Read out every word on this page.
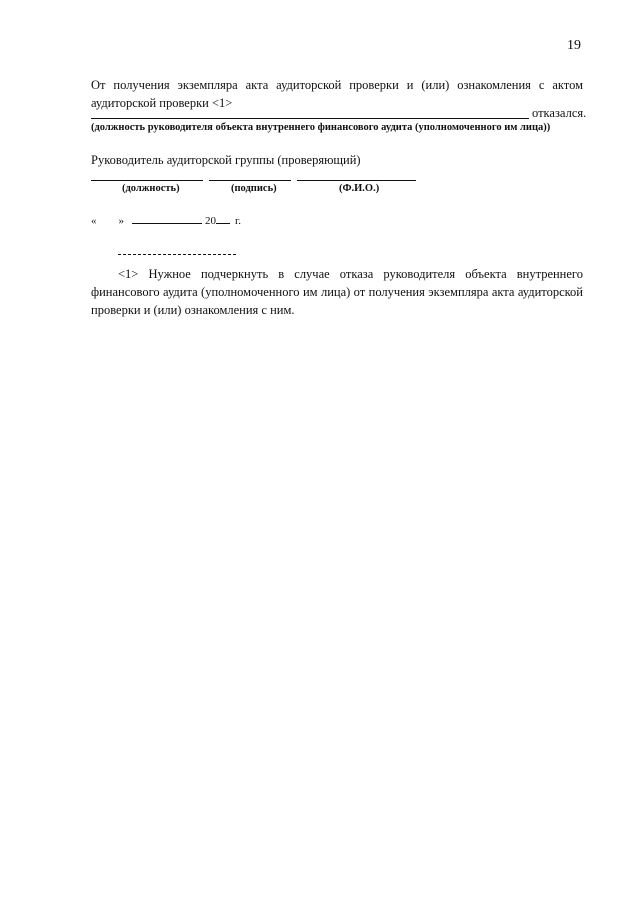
19
От получения экземпляра акта аудиторской проверки и (или) ознакомления с актом аудиторской проверки <1>
отказался.
(должность руководителя объекта внутреннего финансового аудита (уполномоченного им лица))
Руководитель аудиторской группы (проверяющий)
(должность)	(подпись)	(Ф.И.О.)
« »	20 г.
<1> Нужное подчеркнуть в случае отказа руководителя объекта внутреннего финансового аудита (уполномоченного им лица) от получения экземпляра акта аудиторской проверки и (или) ознакомления с ним.
